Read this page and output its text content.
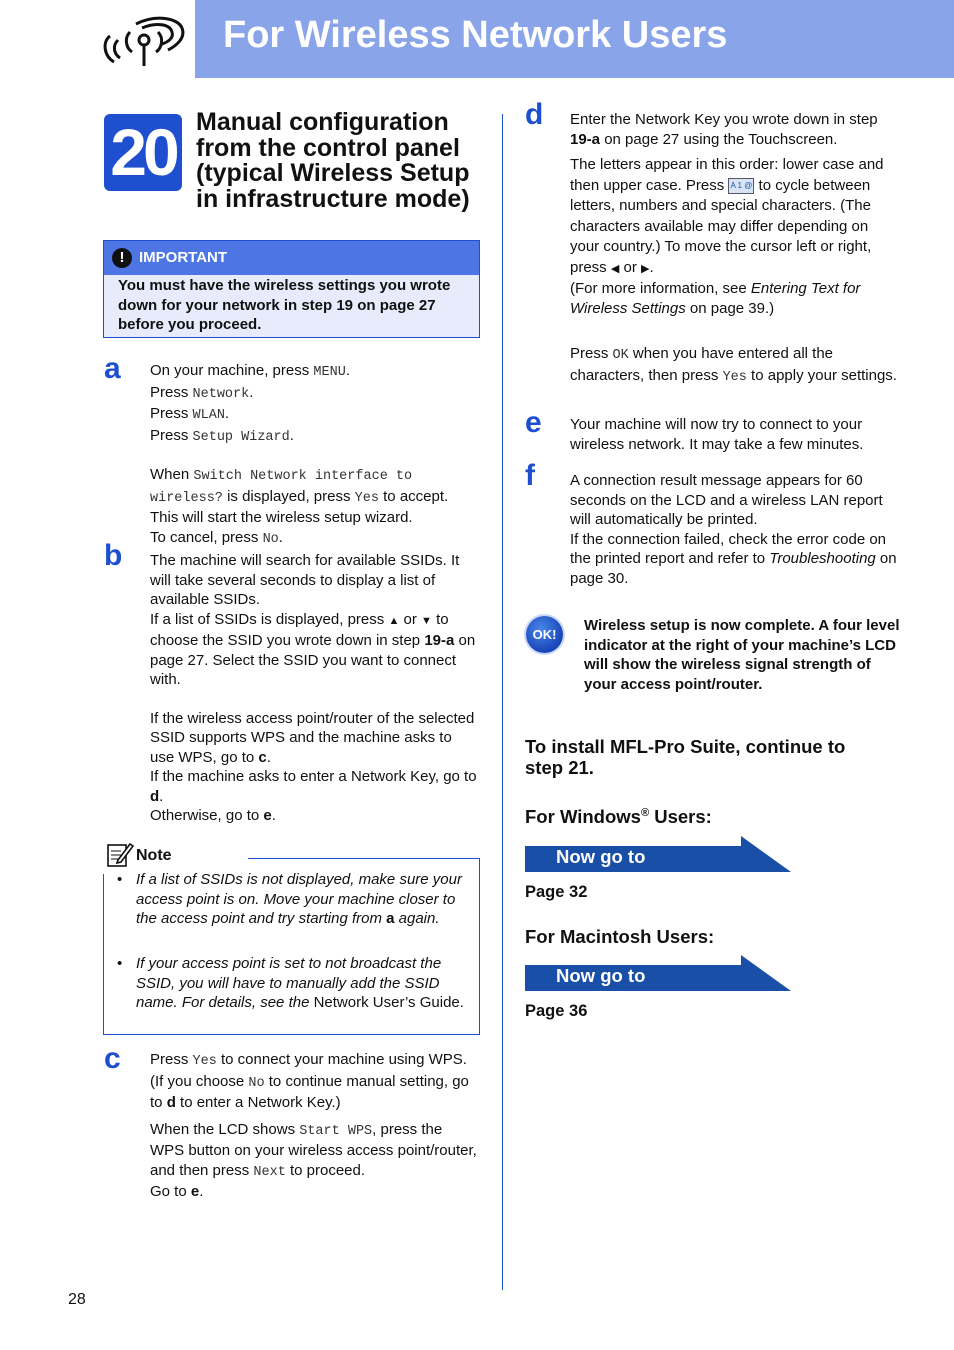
For Wireless Network Users
20 Manual configuration from the control panel (typical Wireless Setup in infrastructure mode)
! IMPORTANT
You must have the wireless settings you wrote down for your network in step 19 on page 27 before you proceed.
a On your machine, press MENU.
Press Network.
Press WLAN.
Press Setup Wizard.
When Switch Network interface to wireless? is displayed, press Yes to accept.
This will start the wireless setup wizard.
To cancel, press No.
b The machine will search for available SSIDs. It will take several seconds to display a list of available SSIDs.
If a list of SSIDs is displayed, press ▲ or ▼ to choose the SSID you wrote down in step 19-a on page 27. Select the SSID you want to connect with.
If the wireless access point/router of the selected SSID supports WPS and the machine asks to use WPS, go to c.
If the machine asks to enter a Network Key, go to d.
Otherwise, go to e.
Note
• If a list of SSIDs is not displayed, make sure your access point is on. Move your machine closer to the access point and try starting from a again.
• If your access point is set to not broadcast the SSID, you will have to manually add the SSID name. For details, see the Network User’s Guide.
c Press Yes to connect your machine using WPS. (If you choose No to continue manual setting, go to d to enter a Network Key.)
When the LCD shows Start WPS, press the WPS button on your wireless access point/router, and then press Next to proceed.
Go to e.
d Enter the Network Key you wrote down in step 19-a on page 27 using the Touchscreen.
The letters appear in this order: lower case and then upper case. Press A 1 @ to cycle between letters, numbers and special characters. (The characters available may differ depending on your country.) To move the cursor left or right, press ◀ or ▶.
(For more information, see Entering Text for Wireless Settings on page 39.)
Press OK when you have entered all the characters, then press Yes to apply your settings.
e Your machine will now try to connect to your wireless network. It may take a few minutes.
f A connection result message appears for 60 seconds on the LCD and a wireless LAN report will automatically be printed.
If the connection failed, check the error code on the printed report and refer to Troubleshooting on page 30.
OK!
Wireless setup is now complete. A four level indicator at the right of your machine’s LCD will show the wireless signal strength of your access point/router.
To install MFL-Pro Suite, continue to step 21.
For Windows® Users:
Now go to
Page 32
For Macintosh Users:
Now go to
Page 36
28
